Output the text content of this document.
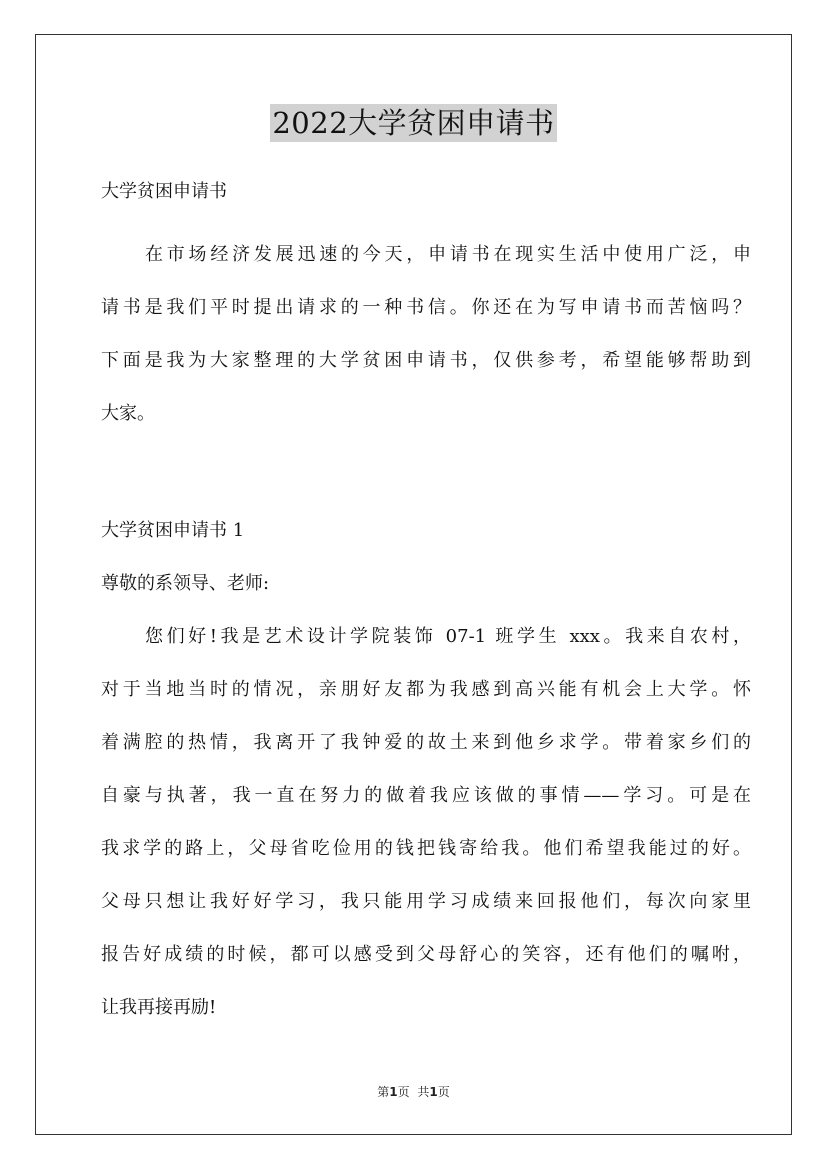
2022大学贫困申请书
大学贫困申请书
在市场经济发展迅速的今天，申请书在现实生活中使用广泛，申
请书是我们平时提出请求的一种书信。你还在为写申请书而苦恼吗？
下面是我为大家整理的大学贫困申请书，仅供参考，希望能够帮助到
大家。
大学贫困申请书 1
尊敬的系领导、老师:
您们好!我是艺术设计学院装饰 07-1 班学生 xxx。我来自农村，
对于当地当时的情况，亲朋好友都为我感到高兴能有机会上大学。怀
着满腔的热情，我离开了我钟爱的故土来到他乡求学。带着家乡们的
自豪与执著，我一直在努力的做着我应该做的事情——学习。可是在
我求学的路上，父母省吃俭用的钱把钱寄给我。他们希望我能过的好。
父母只想让我好好学习，我只能用学习成绩来回报他们，每次向家里
报告好成绩的时候，都可以感受到父母舒心的笑容，还有他们的嘱咐，
让我再接再励!
第1页 共1页
